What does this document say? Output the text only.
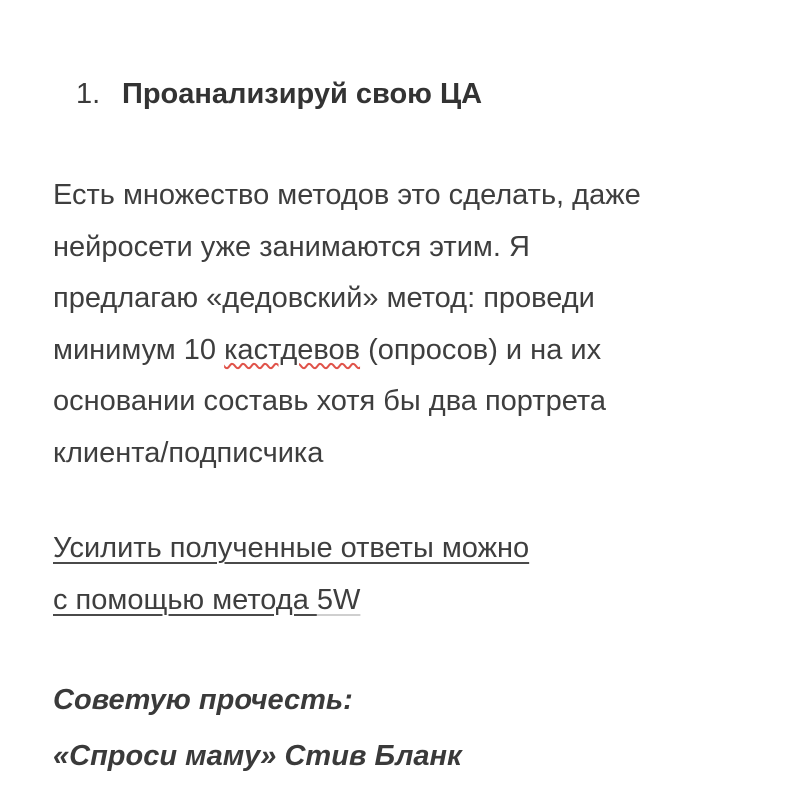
1. Проанализируй свою ЦА
Есть множество методов это сделать, даже
нейросети уже занимаются этим. Я
предлагаю «дедовский» метод: проведи
минимум 10 кастдевов (опросов) и на их
основании составь хотя бы два портрета
клиента/подписчика
Усилить полученные ответы можно
с помощью метода 5W
Советую прочесть:
«Спроси маму» Стив Бланк
